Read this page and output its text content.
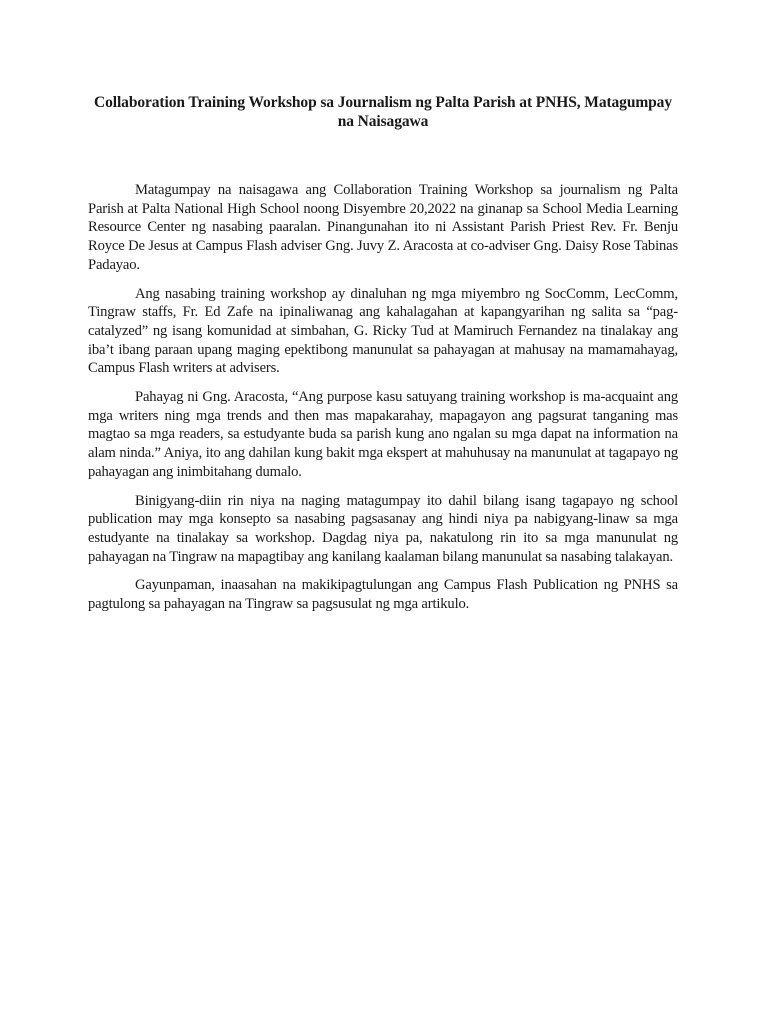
Collaboration Training Workshop sa Journalism ng Palta Parish at PNHS, Matagumpay na Naisagawa

Matagumpay na naisagawa ang Collaboration Training Workshop sa journalism ng Palta Parish at Palta National High School noong Disyembre 20,2022 na ginanap sa School Media Learning Resource Center ng nasabing paaralan. Pinangunahan ito ni Assistant Parish Priest Rev. Fr. Benju Royce De Jesus at Campus Flash adviser Gng. Juvy Z. Aracosta at co-adviser Gng. Daisy Rose Tabinas Padayao.

Ang nasabing training workshop ay dinaluhan ng mga miyembro ng SocComm, LecComm, Tingraw staffs, Fr. Ed Zafe na ipinaliwanag ang kahalagahan at kapangyarihan ng salita sa “pag-catalyzed” ng isang komunidad at simbahan, G. Ricky Tud at Mamiruch Fernandez na tinalakay ang iba’t ibang paraan upang maging epektibong manunulat sa pahayagan at mahusay na mamamahayag, Campus Flash writers at advisers.

Pahayag ni Gng. Aracosta, “Ang purpose kasu satuyang training workshop is ma-acquaint ang mga writers ning mga trends and then mas mapakarahay, mapagayon ang pagsurat tanganing mas magtao sa mga readers, sa estudyante buda sa parish kung ano ngalan su mga dapat na information na alam ninda.” Aniya, ito ang dahilan kung bakit mga ekspert at mahuhusay na manunulat at tagapayo ng pahayagan ang inimbitahang dumalo.

Binigyang-diin rin niya na naging matagumpay ito dahil bilang isang tagapayo ng school publication may mga konsepto sa nasabing pagsasanay ang hindi niya pa nabigyang-linaw sa mga estudyante na tinalakay sa workshop. Dagdag niya pa, nakatulong rin ito sa mga manunulat ng pahayagan na Tingraw na mapagtibay ang kanilang kaalaman bilang manunulat sa nasabing talakayan.

Gayunpaman, inaasahan na makikipagtulungan ang Campus Flash Publication ng PNHS sa pagtulong sa pahayagan na Tingraw sa pagsusulat ng mga artikulo.
